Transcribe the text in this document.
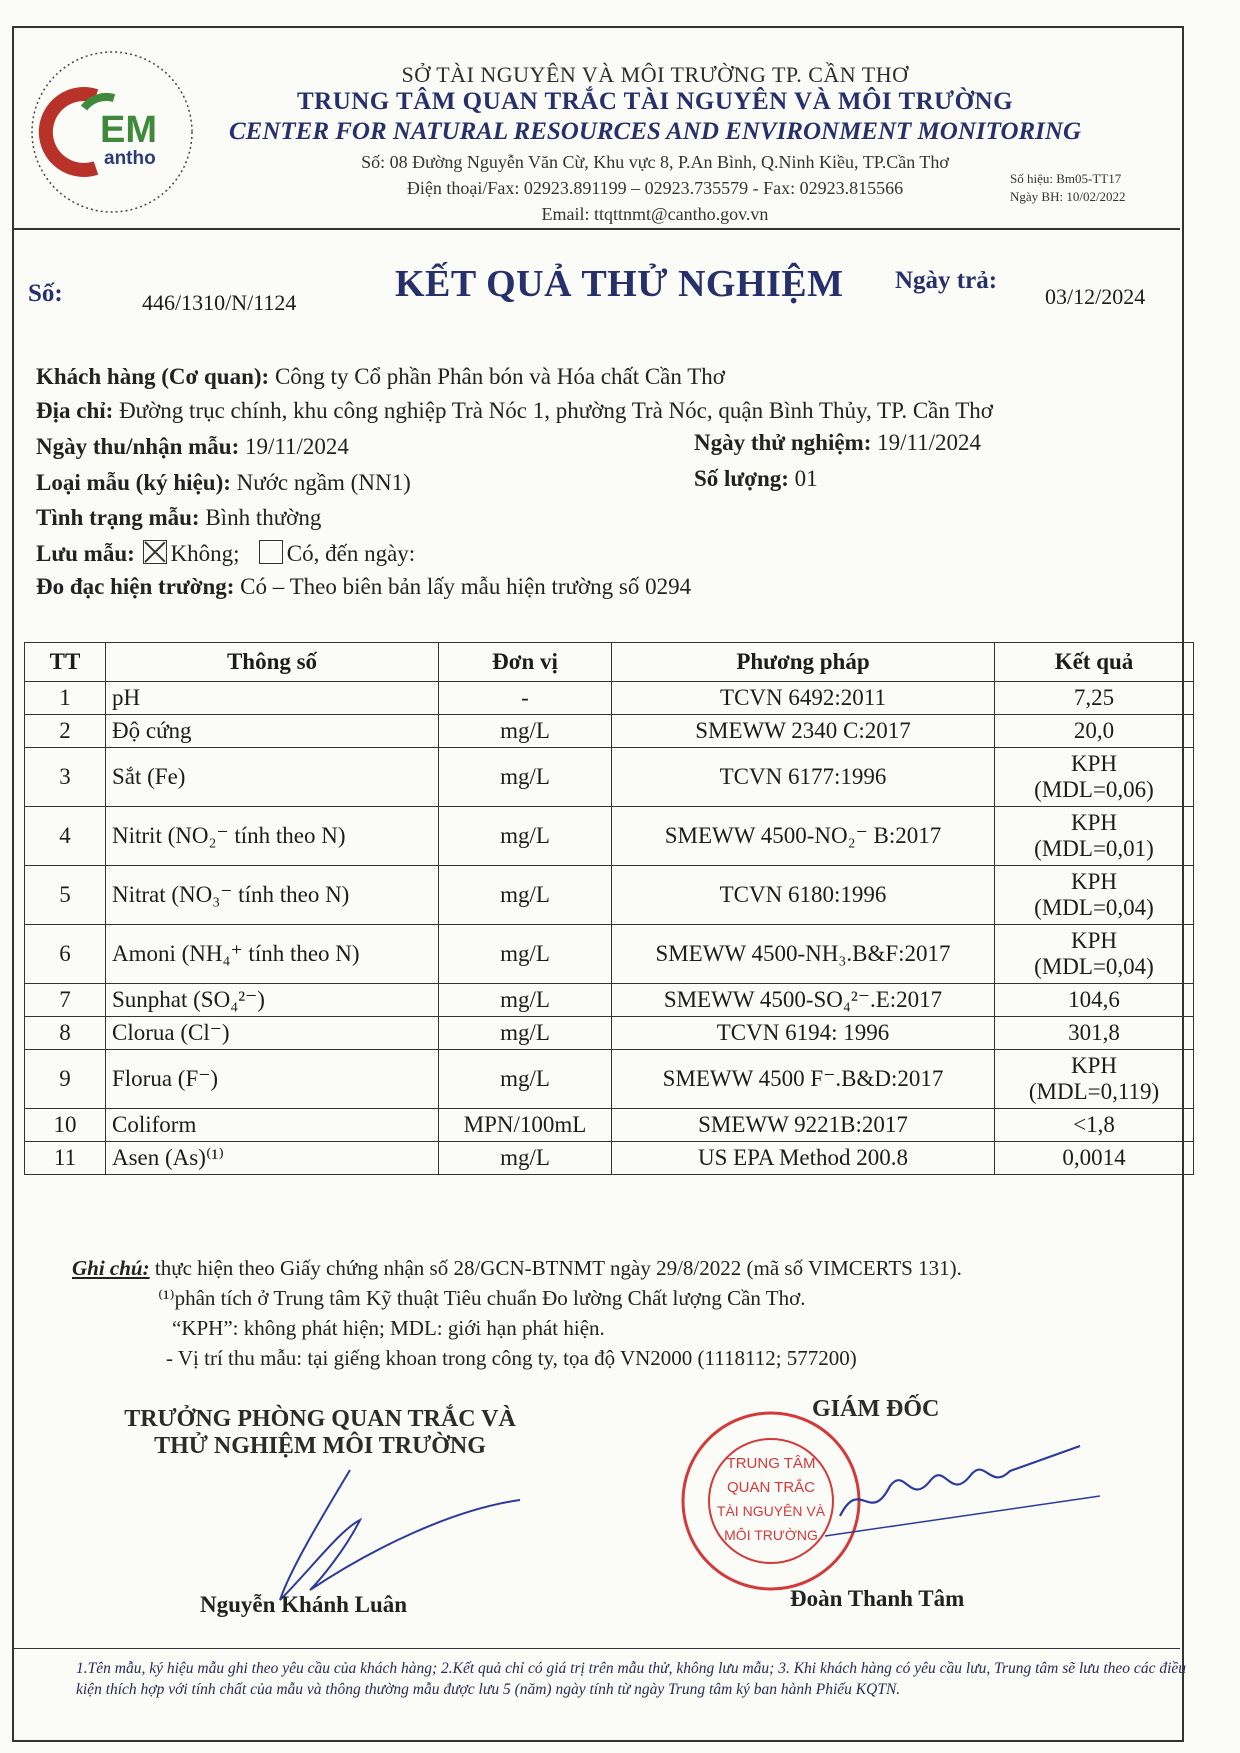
EM
antho
SỞ TÀI NGUYÊN VÀ MÔI TRƯỜNG TP. CẦN THƠ
TRUNG TÂM QUAN TRẮC TÀI NGUYÊN VÀ MÔI TRƯỜNG
CENTER FOR NATURAL RESOURCES AND ENVIRONMENT MONITORING
Số: 08 Đường Nguyễn Văn Cừ, Khu vực 8, P.An Bình, Q.Ninh Kiều, TP.Cần Thơ
Điện thoại/Fax: 02923.891199 – 02923.735579 - Fax: 02923.815566
Email: ttqttnmt@cantho.gov.vn
Số hiệu: Bm05-TT17
Ngày BH: 10/02/2022
Số:	446/1310/N/1124	KẾT QUẢ THỬ NGHIỆM Ngày trả:
03/12/2024
Khách hàng (Cơ quan): Công ty Cổ phần Phân bón và Hóa chất Cần Thơ
Địa chỉ: Đường trục chính, khu công nghiệp Trà Nóc 1, phường Trà Nóc, quận Bình Thủy, TP. Cần Thơ
Ngày thu/nhận mẫu: 19/11/2024	Ngày thử nghiệm: 19/11/2024
Loại mẫu (ký hiệu): Nước ngầm (NN1)	Số lượng: 01
Tình trạng mẫu: Bình thường
Lưu mẫu: Không; Có, đến ngày:
Đo đạc hiện trường: Có – Theo biên bản lấy mẫu hiện trường số 0294
TT	Thông số	Đơn vị	Phương pháp	Kết quả
1	pH	-	TCVN 6492:2011	7,25

2	Độ cứng	mg/L	SMEWW 2340 C:2017	20,0

3	Sắt (Fe)	mg/L	TCVN 6177:1996	KPH
(MDL=0,06)

4	Nitrit (NO₂⁻ tính theo N)	mg/L	SMEWW 4500-NO₂⁻ B:2017	KPH
(MDL=0,01)

5	Nitrat (NO₃⁻ tính theo N)	mg/L	TCVN 6180:1996	KPH
(MDL=0,04)

6	Amoni (NH₄⁺ tính theo N)	mg/L	SMEWW 4500-NH₃.B&F:2017	KPH
(MDL=0,04)

7	Sunphat (SO₄²⁻)	mg/L	SMEWW 4500-SO₄²⁻.E:2017	104,6

8	Clorua (Cl⁻)	mg/L	TCVN 6194: 1996	301,8

9	Florua (F⁻)	mg/L	SMEWW 4500 F⁻.B&D:2017	KPH
(MDL=0,119)

10	Coliform	MPN/100mL	SMEWW 9221B:2017	<1,8

11	Asen (As)⁽¹⁾	mg/L	US EPA Method 200.8	0,0014
Ghi chú: thực hiện theo Giấy chứng nhận số 28/GCN-BTNMT ngày 29/8/2022 (mã số VIMCERTS 131).
⁽¹⁾phân tích ở Trung tâm Kỹ thuật Tiêu chuẩn Đo lường Chất lượng Cần Thơ.
“KPH”: không phát hiện; MDL: giới hạn phát hiện.
- Vị trí thu mẫu: tại giếng khoan trong công ty, tọa độ VN2000 (1118112; 577200)
TRƯỞNG PHÒNG QUAN TRẮC VÀ
THỬ NGHIỆM MÔI TRƯỜNG
Nguyễn Khánh Luân
GIÁM ĐỐC
TRUNG TÂM
QUAN TRẮC
TÀI NGUYÊN VÀ
MÔI TRƯỜNG
Đoàn Thanh Tâm
1.Tên mẫu, ký hiệu mẫu ghi theo yêu cầu của khách hàng; 2.Kết quả chỉ có giá trị trên mẫu thử, không lưu mẫu; 3. Khi khách hàng có yêu cầu lưu, Trung tâm sẽ lưu theo các điều kiện thích hợp với tính chất của mẫu và thông thường mẫu được lưu 5 (năm) ngày tính từ ngày Trung tâm ký ban hành Phiếu KQTN.
